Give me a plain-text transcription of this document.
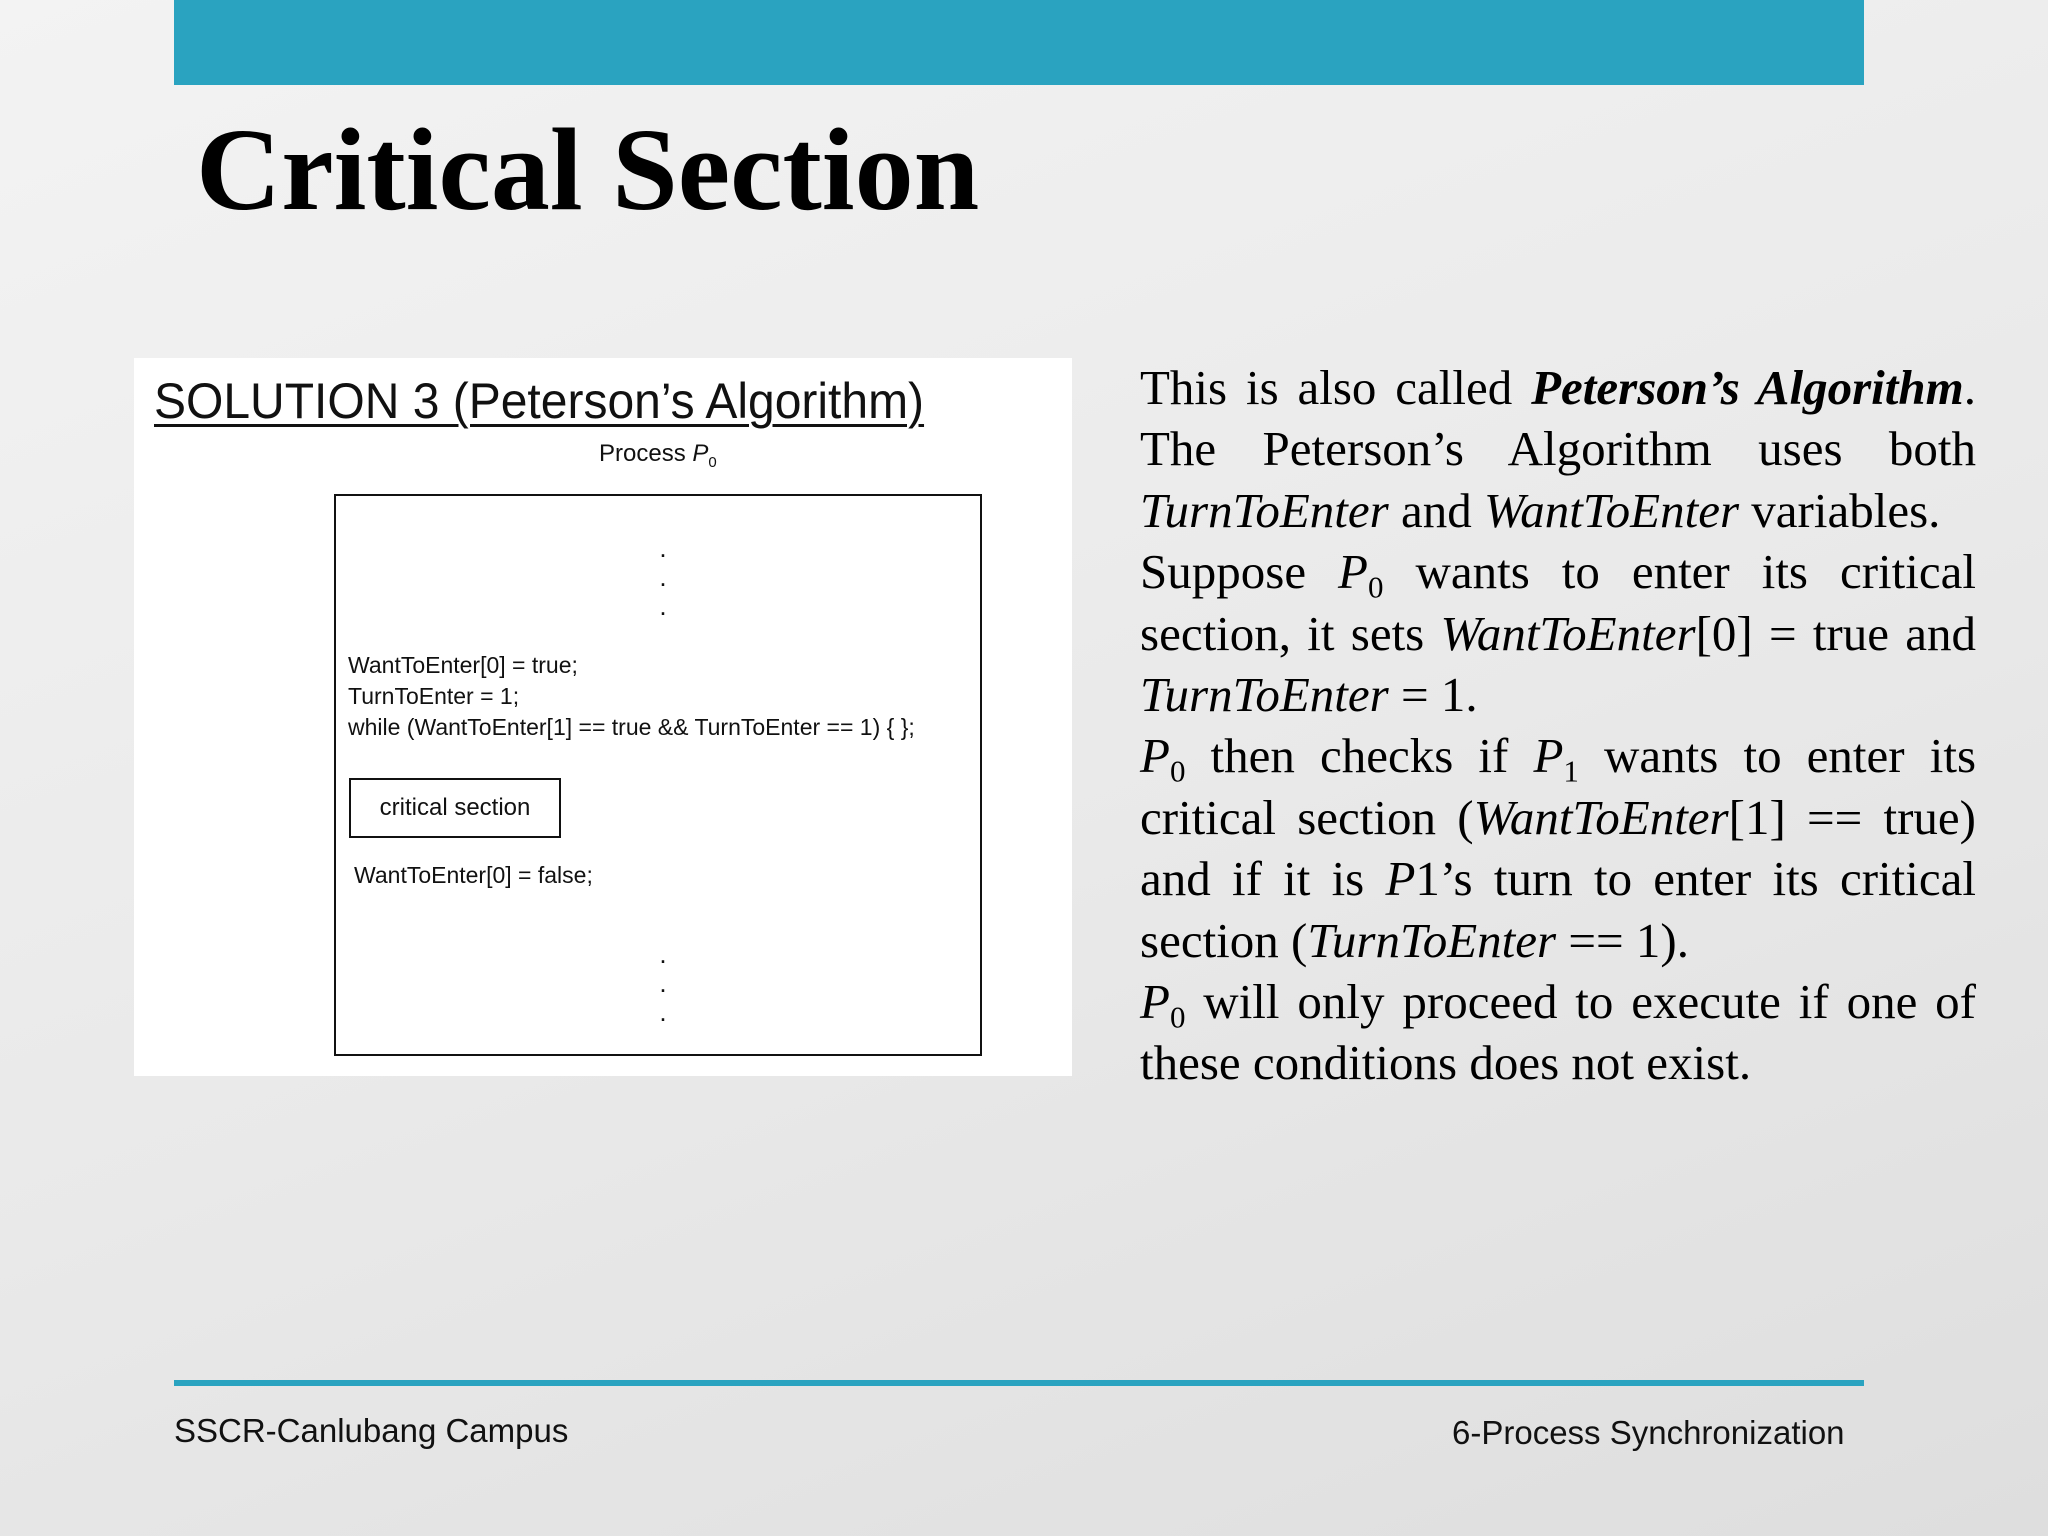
Critical Section
SOLUTION 3 (Peterson’s Algorithm)
Process $P_0$
.
.
.
WantToEnter[0] = true;
TurnToEnter = 1;
while (WantToEnter[1] == true && TurnToEnter == 1) { };
critical section
WantToEnter[0] = false;
.
.
.

This is also called Peterson’s Algorithm. The Peterson’s Algorithm uses both TurnToEnter and WantToEnter variables.

Suppose $P_0$ wants to enter its critical section, it sets WantToEnter[0] = true and TurnToEnter = 1.

$P_0$ then checks if $P_1$ wants to enter its critical section (WantToEnter[1] == true) and if it is P1’s turn to enter its critical section (TurnToEnter == 1).

$P_0$ will only proceed to execute if one of these conditions does not exist.

SSCR-Canlubang Campus	6-Process Synchronization
